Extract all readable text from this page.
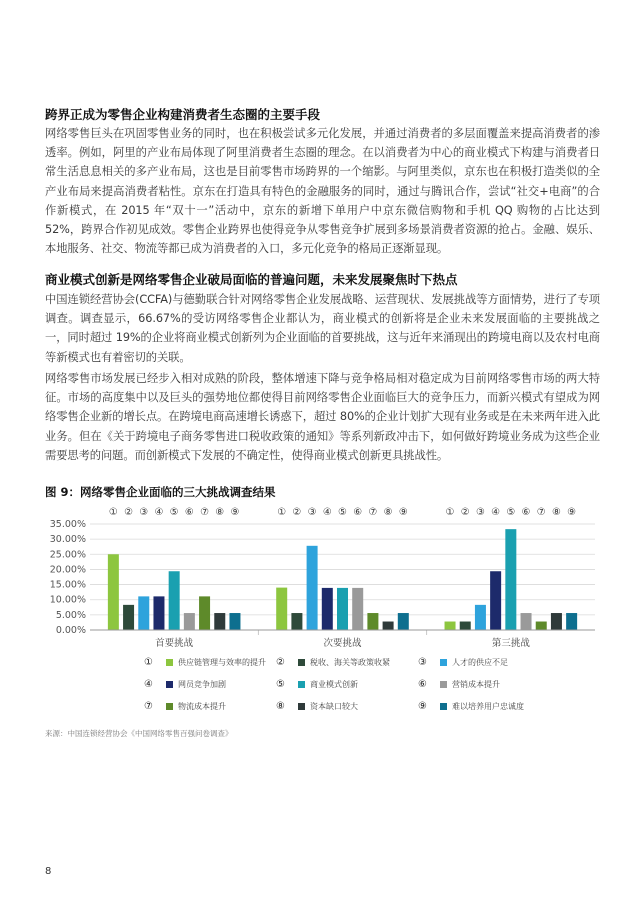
跨界正成为零售企业构建消费者生态圈的主要手段

网络零售巨头在巩固零售业务的同时，也在积极尝试多元化发展，并通过消费者的多层面覆盖来提高消费者的渗透率。例如，阿里的产业布局体现了阿里消费者生态圈的理念。在以消费者为中心的商业模式下构建与消费者日常生活息息相关的多产业布局，这也是目前零售市场跨界的一个缩影。与阿里类似，京东也在积极打造类似的全产业布局来提高消费者粘性。京东在打造具有特色的金融服务的同时，通过与腾讯合作，尝试“社交+电商”的合作新模式，在 2015 年“双十一”活动中，京东的新增下单用户中京东微信购物和手机 QQ 购物的占比达到 52%，跨界合作初见成效。零售企业跨界也使得竞争从零售竞争扩展到多场景消费者资源的抢占。金融、娱乐、本地服务、社交、物流等都已成为消费者的入口，多元化竞争的格局正逐渐显现。

商业模式创新是网络零售企业破局面临的普遍问题，未来发展聚焦时下热点

中国连锁经营协会(CCFA)与德勤联合针对网络零售企业发展战略、运营现状、发展挑战等方面情势，进行了专项调查。调查显示，66.67%的受访网络零售企业都认为，商业模式的创新将是企业未来发展面临的主要挑战之一，同时超过 19%的企业将商业模式创新列为企业面临的首要挑战，这与近年来涌现出的跨境电商以及农村电商等新模式也有着密切的关联。

网络零售市场发展已经步入相对成熟的阶段，整体增速下降与竞争格局相对稳定成为目前网络零售市场的两大特征。市场的高度集中以及巨头的强势地位都使得目前网络零售企业面临巨大的竞争压力，而新兴模式有望成为网络零售企业新的增长点。在跨境电商高速增长诱惑下，超过 80%的企业计划扩大现有业务或是在未来两年进入此业务。但在《关于跨境电子商务零售进口税收政策的通知》等系列新政冲击下，如何做好跨境业务成为这些企业需要思考的问题。而创新模式下发展的不确定性，使得商业模式创新更具挑战性。

图 9：网络零售企业面临的三大挑战调查结果
0.00%
5.00%
10.00%
15.00%
20.00%
25.00%
30.00%
35.00%
① ② ③ ④ ⑤ ⑥ ⑦ ⑧ ⑨
首要挑战
① ② ③ ④ ⑤ ⑥ ⑦ ⑧ ⑨
次要挑战
① ② ③ ④ ⑤ ⑥ ⑦ ⑧ ⑨
第三挑战
①	供应链管理与效率的提升 ②	税收、海关等政策收紧	③	人才的供应不足
④	网员竞争加剧	⑤	商业模式创新	⑥	营销成本提升
⑦	物流成本提升	⑧	资本缺口较大	⑨	难以培养用户忠诚度

来源：中国连锁经营协会《中国网络零售百强问卷调查》

8
